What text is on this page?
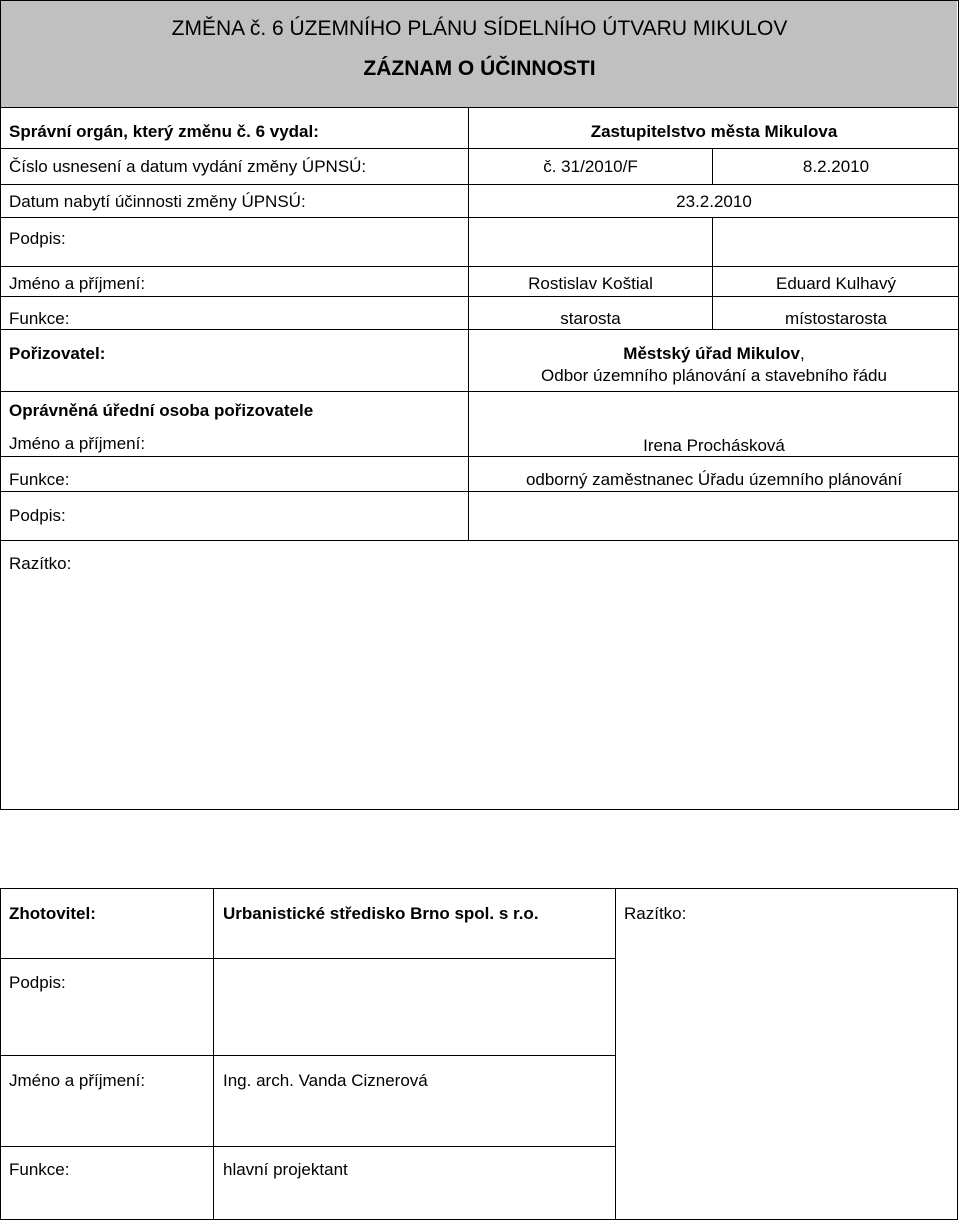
ZMĚNA č. 6 ÚZEMNÍHO PLÁNU SÍDELNÍHO ÚTVARU MIKULOV
ZÁZNAM O ÚČINNOSTI
Správní orgán, který změnu č. 6 vydal:	Zastupitelstvo města Mikulova
Číslo usnesení a datum vydání změny ÚPNSÚ:	č. 31/2010/F	8.2.2010
Datum nabytí účinnosti změny ÚPNSÚ:	23.2.2010
Podpis:
Jméno a příjmení:	Rostislav Koštial	Eduard Kulhavý
Funkce:	starosta	místostarosta
Pořizovatel:	Městský úřad Mikulov,
Odbor územního plánování a stavebního řádu
Oprávněná úřední osoba pořizovatele
Jméno a příjmení:	Irena Prochásková
Funkce:	odborný zaměstnanec Úřadu územního plánování
Podpis:
Razítko:
Zhotovitel:	Urbanistické středisko Brno spol. s r.o.	Razítko:
Podpis:
Jméno a příjmení:	Ing. arch. Vanda Ciznerová
Funkce:	hlavní projektant
